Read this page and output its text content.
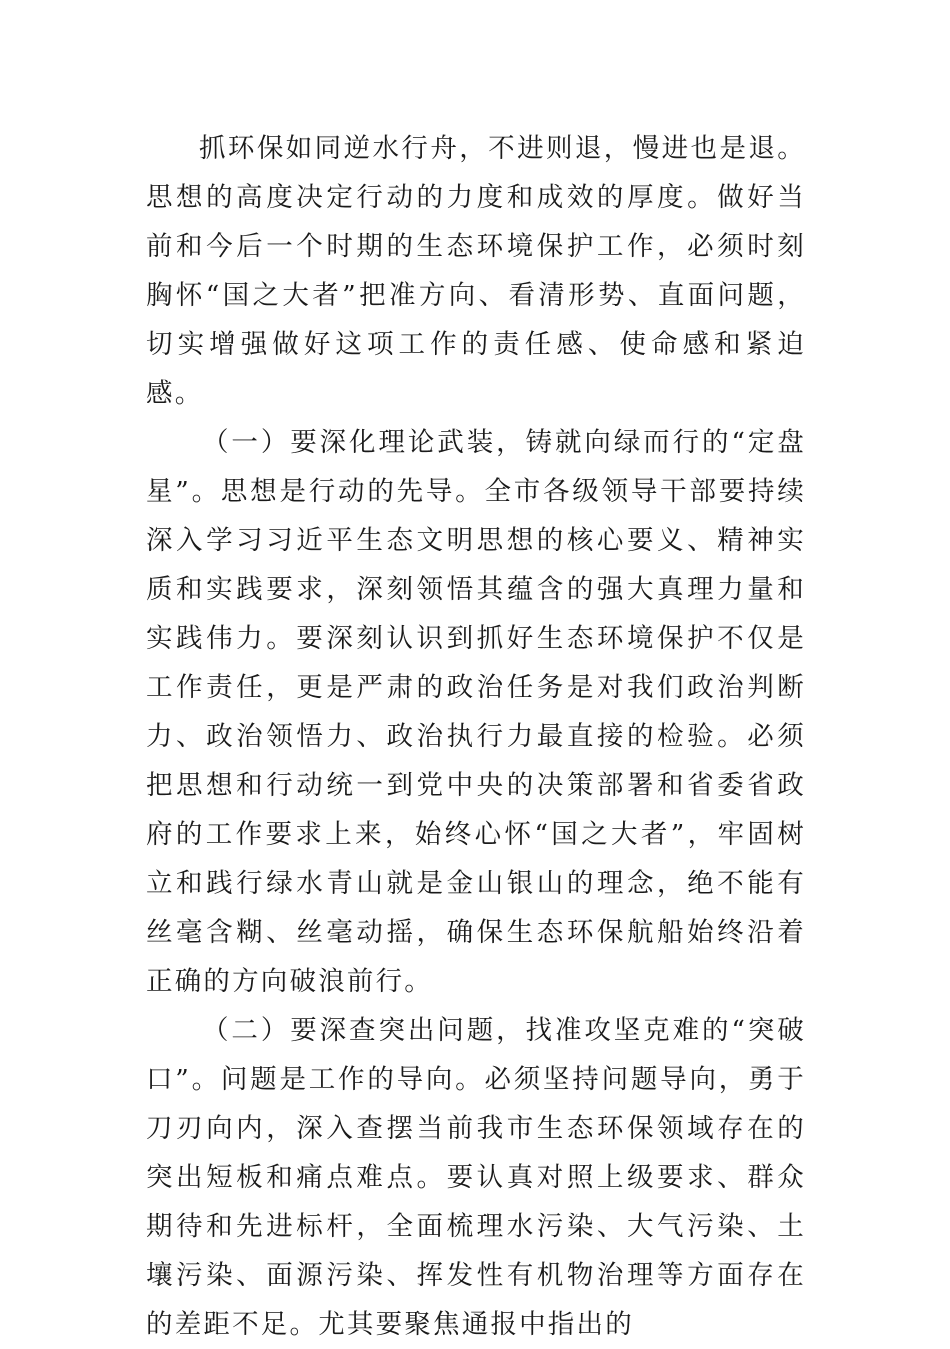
抓环保如同逆水行舟，不进则退，慢进也是退。思想的高度决定行动的力度和成效的厚度。做好当前和今后一个时期的生态环境保护工作，必须时刻胸怀“国之大者”把准方向、看清形势、直面问题，切实增强做好这项工作的责任感、使命感和紧迫感。

（一）要深化理论武装，铸就向绿而行的“定盘星”。思想是行动的先导。全市各级领导干部要持续深入学习习近平生态文明思想的核心要义、精神实质和实践要求，深刻领悟其蕴含的强大真理力量和实践伟力。要深刻认识到抓好生态环境保护不仅是工作责任，更是严肃的政治任务是对我们政治判断力、政治领悟力、政治执行力最直接的检验。必须把思想和行动统一到党中央的决策部署和省委省政府的工作要求上来，始终心怀“国之大者”，牢固树立和践行绿水青山就是金山银山的理念，绝不能有丝毫含糊、丝毫动摇，确保生态环保航船始终沿着正确的方向破浪前行。

（二）要深查突出问题，找准攻坚克难的“突破口”。问题是工作的导向。必须坚持问题导向，勇于刀刃向内，深入查摆当前我市生态环保领域存在的突出短板和痛点难点。要认真对照上级要求、群众期待和先进标杆，全面梳理水污染、大气污染、土壤污染、面源污染、挥发性有机物治理等方面存在的差距不足。尤其要聚焦通报中指出的
